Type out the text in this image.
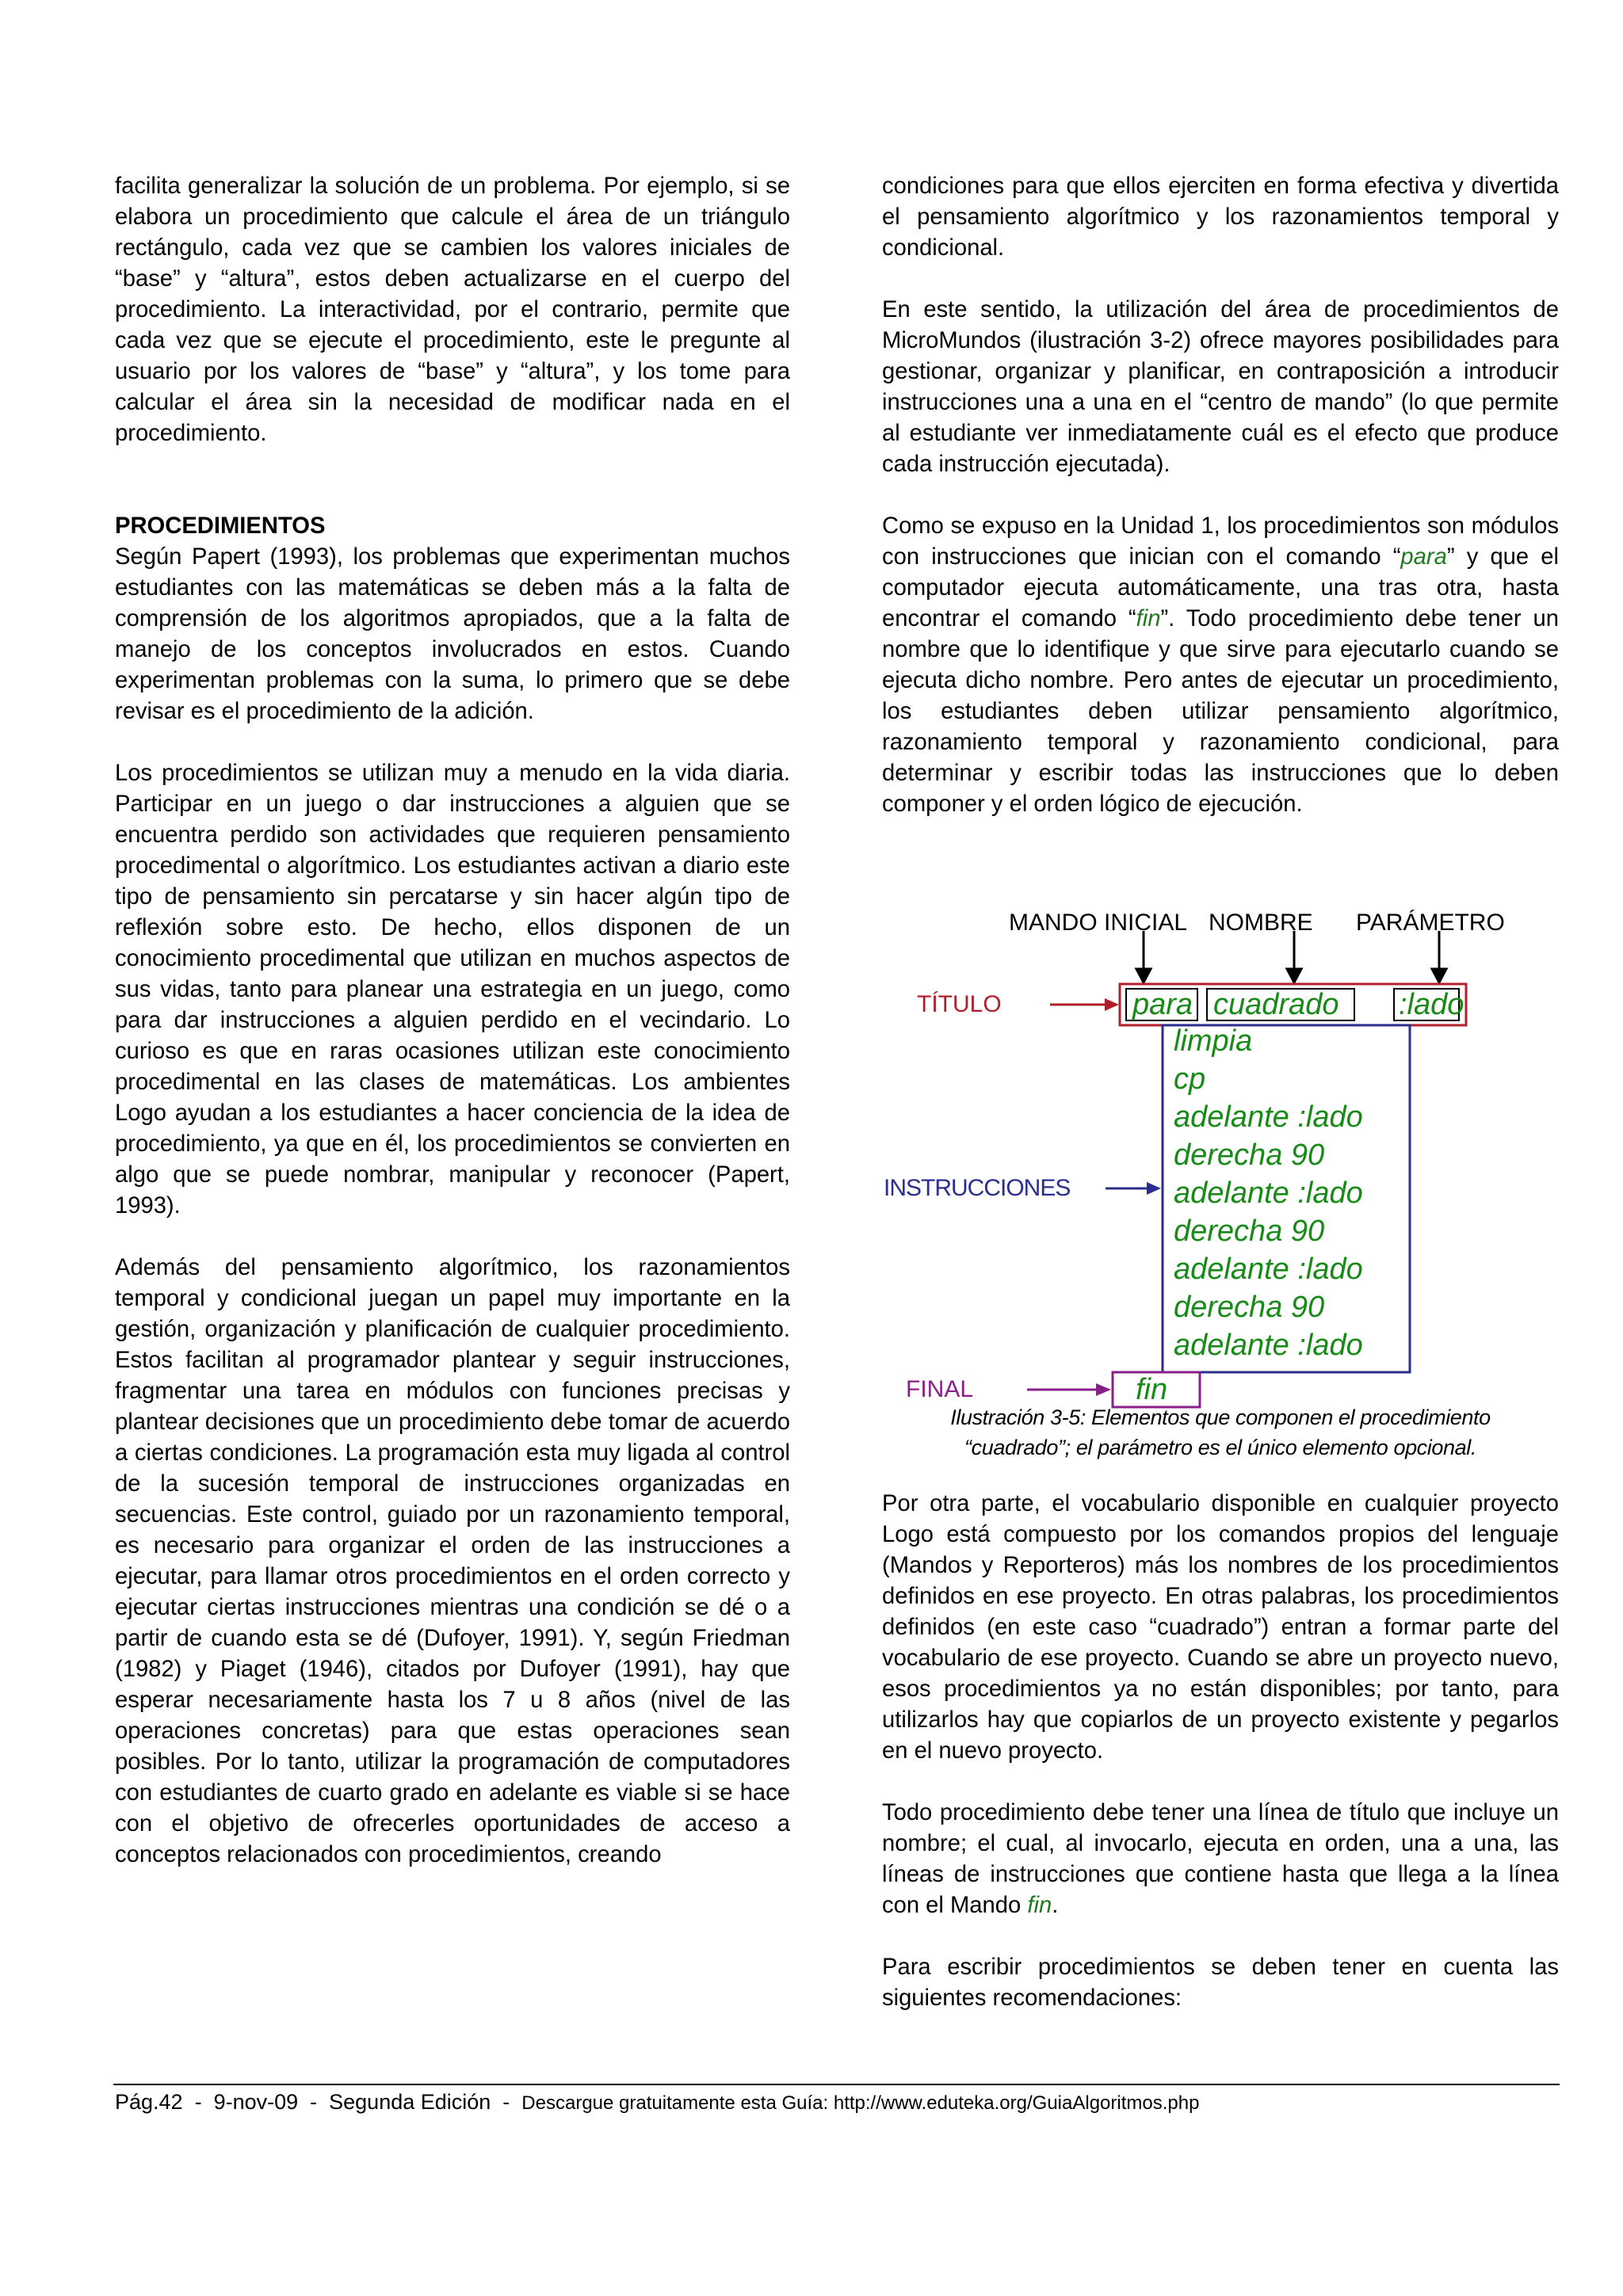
facilita generalizar la solución de un problema. Por ejemplo, si se elabora un procedimiento que calcule el área de un triángulo rectángulo, cada vez que se cambien los valores iniciales de “base” y “altura”, estos deben actualizarse en el cuerpo del procedimiento. La interactividad, por el contrario, permite que cada vez que se ejecute el procedimiento, este le pregunte al usuario por los valores de “base” y “altura”, y los tome para calcular el área sin la necesidad de modificar nada en el procedimiento.

PROCEDIMIENTOS

Según Papert (1993), los problemas que experimentan muchos estudiantes con las matemáticas se deben más a la falta de comprensión de los algoritmos apropiados, que a la falta de manejo de los conceptos involucrados en estos. Cuando experimentan problemas con la suma, lo primero que se debe revisar es el procedimiento de la adición.

Los procedimientos se utilizan muy a menudo en la vida diaria. Participar en un juego o dar instrucciones a alguien que se encuentra perdido son actividades que requieren pensamiento procedimental o algorítmico. Los estudiantes activan a diario este tipo de pensamiento sin percatarse y sin hacer algún tipo de reflexión sobre esto. De hecho, ellos disponen de un conocimiento procedimental que utilizan en muchos aspectos de sus vidas, tanto para planear una estrategia en un juego, como para dar instrucciones a alguien perdido en el vecindario. Lo curioso es que en raras ocasiones utilizan este conocimiento procedimental en las clases de matemáticas. Los ambientes Logo ayudan a los estudiantes a hacer conciencia de la idea de procedimiento, ya que en él, los procedimientos se convierten en algo que se puede nombrar, manipular y reconocer (Papert, 1993).

Además del pensamiento algorítmico, los razonamientos temporal y condicional juegan un papel muy importante en la gestión, organización y planificación de cualquier procedimiento. Estos facilitan al programador plantear y seguir instrucciones, fragmentar una tarea en módulos con funciones precisas y plantear decisiones que un procedimiento debe tomar de acuerdo a ciertas condiciones. La programación esta muy ligada al control de la sucesión temporal de instrucciones organizadas en secuencias. Este control, guiado por un razonamiento temporal, es necesario para organizar el orden de las instrucciones a ejecutar, para llamar otros procedimientos en el orden correcto y ejecutar ciertas instrucciones mientras una condición se dé o a partir de cuando esta se dé (Dufoyer, 1991). Y, según Friedman (1982) y Piaget (1946), citados por Dufoyer (1991), hay que esperar necesariamente hasta los 7 u 8 años (nivel de las operaciones concretas) para que estas operaciones sean posibles. Por lo tanto, utilizar la programación de computadores con estudiantes de cuarto grado en adelante es viable si se hace con el objetivo de ofrecerles oportunidades de acceso a conceptos relacionados con procedimientos, creando

condiciones para que ellos ejerciten en forma efectiva y divertida el pensamiento algorítmico y los razonamientos temporal y condicional.

En este sentido, la utilización del área de procedimientos de MicroMundos (ilustración 3-2) ofrece mayores posibilidades para gestionar, organizar y planificar, en contraposición a introducir instrucciones una a una en el “centro de mando” (lo que permite al estudiante ver inmediatamente cuál es el efecto que produce cada instrucción ejecutada).

Como se expuso en la Unidad 1, los procedimientos son módulos con instrucciones que inician con el comando “para” y que el computador ejecuta automáticamente, una tras otra, hasta encontrar el comando “fin”. Todo procedimiento debe tener un nombre que lo identifique y que sirve para ejecutarlo cuando se ejecuta dicho nombre. Pero antes de ejecutar un procedimiento, los estudiantes deben utilizar pensamiento algorítmico, razonamiento temporal y razonamiento condicional, para determinar y escribir todas las instrucciones que lo deben componer y el orden lógico de ejecución.

Por otra parte, el vocabulario disponible en cualquier proyecto Logo está compuesto por los comandos propios del lenguaje (Mandos y Reporteros) más los nombres de los procedimientos definidos en ese proyecto. En otras palabras, los procedimientos definidos (en este caso “cuadrado”) entran a formar parte del vocabulario de ese proyecto. Cuando se abre un proyecto nuevo, esos procedimientos ya no están disponibles; por tanto, para utilizarlos hay que copiarlos de un proyecto existente y pegarlos en el nuevo proyecto.

Todo procedimiento debe tener una línea de título que incluye un nombre; el cual, al invocarlo, ejecuta en orden, una a una, las líneas de instrucciones que contiene hasta que llega a la línea con el Mando fin.

Para escribir procedimientos se deben tener en cuenta las siguientes recomendaciones:

MANDO INICIAL NOMBRE PARÁMETRO
TÍTULO
INSTRUCCIONES
FINAL
para cuadrado :lado
limpia
cp
adelante :lado
derecha 90
adelante :lado
derecha 90
adelante :lado
derecha 90
adelante :lado
fin
Ilustración 3-5: Elementos que componen el procedimiento
“cuadrado”; el parámetro es el único elemento opcional.
Pág.42  -  9-nov-09  -  Segunda Edición  -  Descargue gratuitamente esta Guía: http://www.eduteka.org/GuiaAlgoritmos.php
